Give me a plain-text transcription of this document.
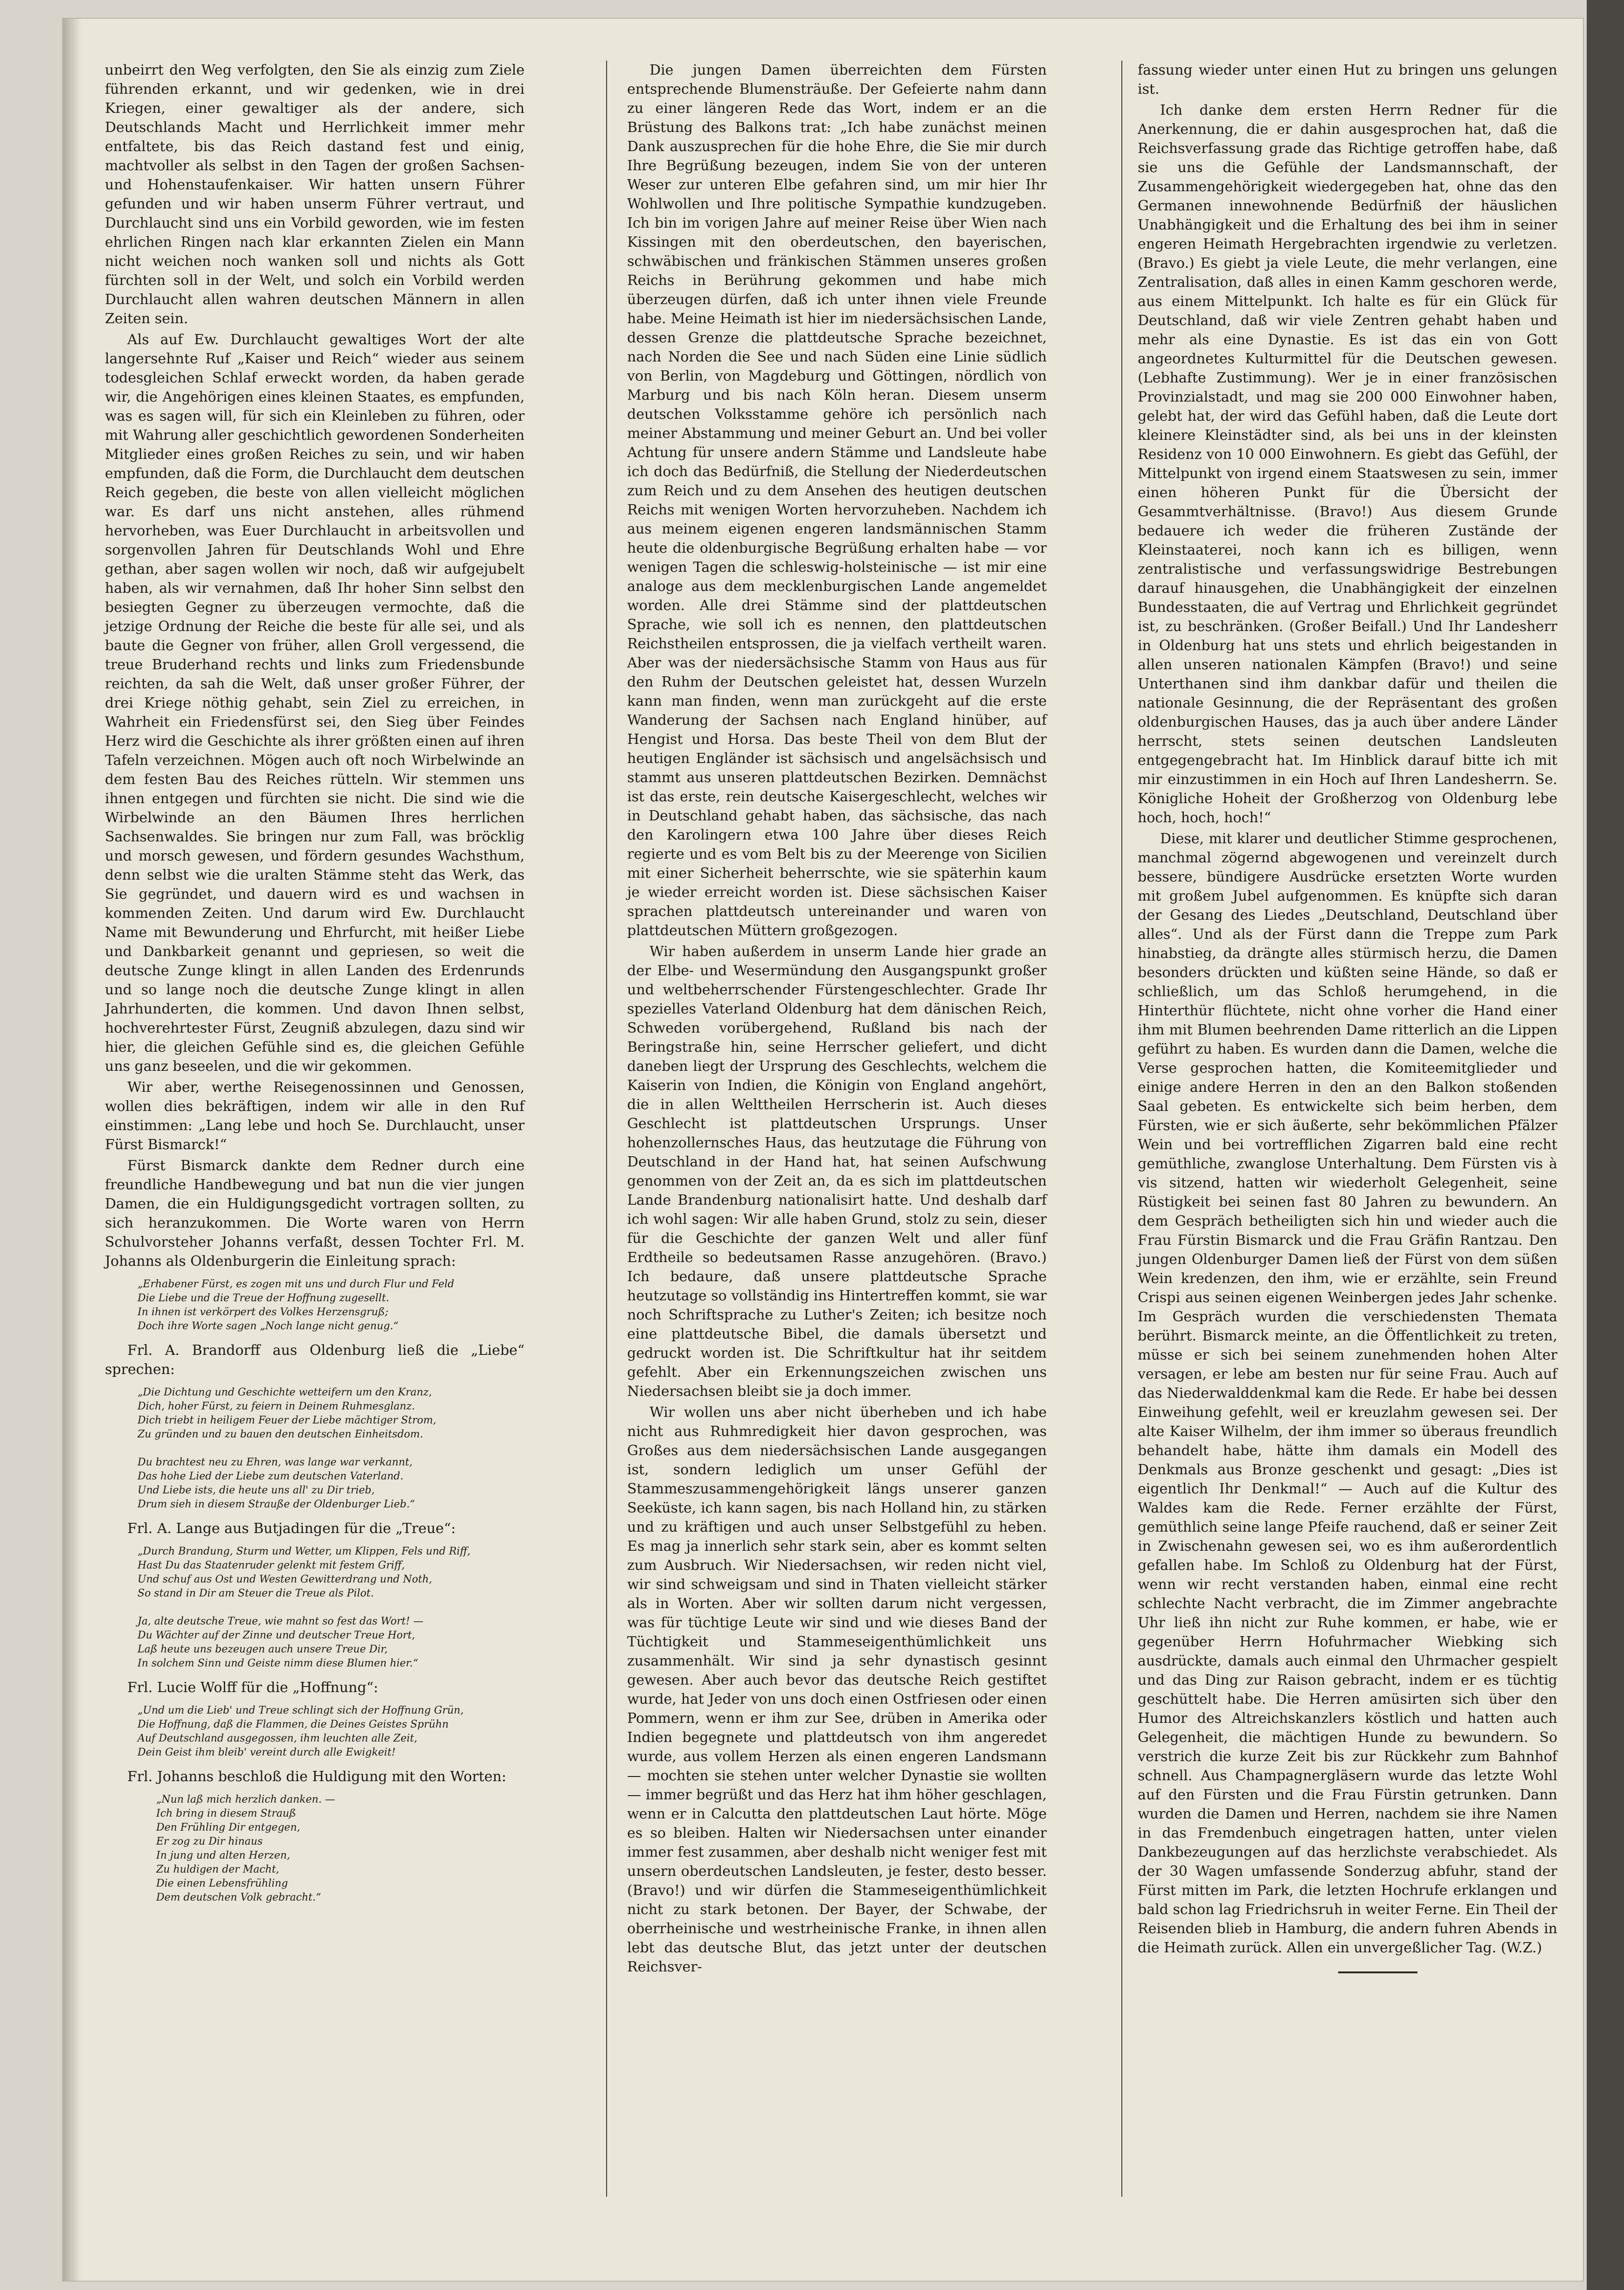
unbeirrt den Weg verfolgten, den Sie als einzig zum Ziele führenden erkannt, und wir gedenken, wie in drei Kriegen, einer gewaltiger als der andere, sich Deutschlands Macht und Herrlichkeit immer mehr entfaltete, bis das Reich dastand fest und einig, machtvoller als selbst in den Tagen der großen Sachsen- und Hohenstaufenkaiser. Wir hatten unsern Führer gefunden und wir haben unserm Führer vertraut, und Durchlaucht sind uns ein Vorbild geworden, wie im festen ehrlichen Ringen nach klar erkannten Zielen ein Mann nicht weichen noch wanken soll und nichts als Gott fürchten soll in der Welt, und solch ein Vorbild werden Durchlaucht allen wahren deutschen Männern in allen Zeiten sein.

Als auf Ew. Durchlaucht gewaltiges Wort der alte langersehnte Ruf „Kaiser und Reich“ wieder aus seinem todesgleichen Schlaf erweckt worden, da haben gerade wir, die Angehörigen eines kleinen Staates, es empfunden, was es sagen will, für sich ein Kleinleben zu führen, oder mit Wahrung aller geschichtlich gewordenen Sonderheiten Mitglieder eines großen Reiches zu sein, und wir haben empfunden, daß die Form, die Durchlaucht dem deutschen Reich gegeben, die beste von allen vielleicht möglichen war. Es darf uns nicht anstehen, alles rühmend hervorheben, was Euer Durchlaucht in arbeitsvollen und sorgenvollen Jahren für Deutschlands Wohl und Ehre gethan, aber sagen wollen wir noch, daß wir aufgejubelt haben, als wir vernahmen, daß Ihr hoher Sinn selbst den besiegten Gegner zu überzeugen vermochte, daß die jetzige Ordnung der Reiche die beste für alle sei, und als baute die Gegner von früher, allen Groll vergessend, die treue Bruderhand rechts und links zum Friedensbunde reichten, da sah die Welt, daß unser großer Führer, der drei Kriege nöthig gehabt, sein Ziel zu erreichen, in Wahrheit ein Friedensfürst sei, den Sieg über Feindes Herz wird die Geschichte als ihrer größten einen auf ihren Tafeln verzeichnen. Mögen auch oft noch Wirbelwinde an dem festen Bau des Reiches rütteln. Wir stemmen uns ihnen entgegen und fürchten sie nicht. Die sind wie die Wirbelwinde an den Bäumen Ihres herrlichen Sachsenwaldes. Sie bringen nur zum Fall, was bröcklig und morsch gewesen, und fördern gesundes Wachsthum, denn selbst wie die uralten Stämme steht das Werk, das Sie gegründet, und dauern wird es und wachsen in kommenden Zeiten. Und darum wird Ew. Durchlaucht Name mit Bewunderung und Ehrfurcht, mit heißer Liebe und Dankbarkeit genannt und gepriesen, so weit die deutsche Zunge klingt in allen Landen des Erdenrunds und so lange noch die deutsche Zunge klingt in allen Jahrhunderten, die kommen. Und davon Ihnen selbst, hochverehrtester Fürst, Zeugniß abzulegen, dazu sind wir hier, die gleichen Gefühle sind es, die gleichen Gefühle uns ganz beseelen, und die wir gekommen.

Wir aber, werthe Reisegenossinnen und Genossen, wollen dies bekräftigen, indem wir alle in den Ruf einstimmen: „Lang lebe und hoch Se. Durchlaucht, unser Fürst Bismarck!“

Fürst Bismarck dankte dem Redner durch eine freundliche Handbewegung und bat nun die vier jungen Damen, die ein Huldigungsgedicht vortragen sollten, zu sich heranzukommen. Die Worte waren von Herrn Schulvorsteher Johanns verfaßt, dessen Tochter Frl. M. Johanns als Oldenburgerin die Einleitung sprach:

„Erhabener Fürst, es zogen mit uns und durch Flur und Feld
Die Liebe und die Treue der Hoffnung zugesellt.
In ihnen ist verkörpert des Volkes Herzensgruß;
Doch ihre Worte sagen „Noch lange nicht genug.“

Frl. A. Brandorff aus Oldenburg ließ die „Liebe“ sprechen:

„Die Dichtung und Geschichte wetteifern um den Kranz,
Dich, hoher Fürst, zu feiern in Deinem Ruhmesglanz.
Dich triebt in heiligem Feuer der Liebe mächtiger Strom,
Zu gründen und zu bauen den deutschen Einheitsdom.

Du brachtest neu zu Ehren, was lange war verkannt,
Das hohe Lied der Liebe zum deutschen Vaterland.
Und Liebe ists, die heute uns all' zu Dir trieb,
Drum sieh in diesem Strauße der Oldenburger Lieb.“

Frl. A. Lange aus Butjadingen für die „Treue“:

„Durch Brandung, Sturm und Wetter, um Klippen, Fels und Riff,
Hast Du das Staatenruder gelenkt mit festem Griff,
Und schuf aus Ost und Westen Gewitterdrang und Noth,
So stand in Dir am Steuer die Treue als Pilot.

Ja, alte deutsche Treue, wie mahnt so fest das Wort! —
Du Wächter auf der Zinne und deutscher Treue Hort,
Laß heute uns bezeugen auch unsere Treue Dir,
In solchem Sinn und Geiste nimm diese Blumen hier.“

Frl. Lucie Wolff für die „Hoffnung“:

„Und um die Lieb' und Treue schlingt sich der Hoffnung Grün,
Die Hoffnung, daß die Flammen, die Deines Geistes Sprühn
Auf Deutschland ausgegossen, ihm leuchten alle Zeit,
Dein Geist ihm bleib' vereint durch alle Ewigkeit!

Frl. Johanns beschloß die Huldigung mit den Worten:

„Nun laß mich herzlich danken. —
Ich bring in diesem Strauß
Den Frühling Dir entgegen,
Er zog zu Dir hinaus
In jung und alten Herzen,
Zu huldigen der Macht,
Die einen Lebensfrühling
Dem deutschen Volk gebracht.“

Die jungen Damen überreichten dem Fürsten entsprechende Blumensträuße. Der Gefeierte nahm dann zu einer längeren Rede das Wort, indem er an die Brüstung des Balkons trat: „Ich habe zunächst meinen Dank auszusprechen für die hohe Ehre, die Sie mir durch Ihre Begrüßung bezeugen, indem Sie von der unteren Weser zur unteren Elbe gefahren sind, um mir hier Ihr Wohlwollen und Ihre politische Sympathie kundzugeben. Ich bin im vorigen Jahre auf meiner Reise über Wien nach Kissingen mit den oberdeutschen, den bayerischen, schwäbischen und fränkischen Stämmen unseres großen Reichs in Berührung gekommen und habe mich überzeugen dürfen, daß ich unter ihnen viele Freunde habe. Meine Heimath ist hier im niedersächsischen Lande, dessen Grenze die plattdeutsche Sprache bezeichnet, nach Norden die See und nach Süden eine Linie südlich von Berlin, von Magdeburg und Göttingen, nördlich von Marburg und bis nach Köln heran. Diesem unserm deutschen Volksstamme gehöre ich persönlich nach meiner Abstammung und meiner Geburt an. Und bei voller Achtung für unsere andern Stämme und Landsleute habe ich doch das Bedürfniß, die Stellung der Niederdeutschen zum Reich und zu dem Ansehen des heutigen deutschen Reichs mit wenigen Worten hervorzuheben. Nachdem ich aus meinem eigenen engeren landsmännischen Stamm heute die oldenburgische Begrüßung erhalten habe — vor wenigen Tagen die schleswig-holsteinische — ist mir eine analoge aus dem mecklenburgischen Lande angemeldet worden. Alle drei Stämme sind der plattdeutschen Sprache, wie soll ich es nennen, den plattdeutschen Reichstheilen entsprossen, die ja vielfach vertheilt waren. Aber was der niedersächsische Stamm von Haus aus für den Ruhm der Deutschen geleistet hat, dessen Wurzeln kann man finden, wenn man zurückgeht auf die erste Wanderung der Sachsen nach England hinüber, auf Hengist und Horsa. Das beste Theil von dem Blut der heutigen Engländer ist sächsisch und angelsächsisch und stammt aus unseren plattdeutschen Bezirken. Demnächst ist das erste, rein deutsche Kaisergeschlecht, welches wir in Deutschland gehabt haben, das sächsische, das nach den Karolingern etwa 100 Jahre über dieses Reich regierte und es vom Belt bis zu der Meerenge von Sicilien mit einer Sicherheit beherrschte, wie sie späterhin kaum je wieder erreicht worden ist. Diese sächsischen Kaiser sprachen plattdeutsch untereinander und waren von plattdeutschen Müttern großgezogen.

Wir haben außerdem in unserm Lande hier grade an der Elbe- und Wesermündung den Ausgangspunkt großer und weltbeherrschender Fürstengeschlechter. Grade Ihr spezielles Vaterland Oldenburg hat dem dänischen Reich, Schweden vorübergehend, Rußland bis nach der Beringstraße hin, seine Herrscher geliefert, und dicht daneben liegt der Ursprung des Geschlechts, welchem die Kaiserin von Indien, die Königin von England angehört, die in allen Welttheilen Herrscherin ist. Auch dieses Geschlecht ist plattdeutschen Ursprungs. Unser hohenzollernsches Haus, das heutzutage die Führung von Deutschland in der Hand hat, hat seinen Aufschwung genommen von der Zeit an, da es sich im plattdeutschen Lande Brandenburg nationalisirt hatte. Und deshalb darf ich wohl sagen: Wir alle haben Grund, stolz zu sein, dieser für die Geschichte der ganzen Welt und aller fünf Erdtheile so bedeutsamen Rasse anzugehören. (Bravo.) Ich bedaure, daß unsere plattdeutsche Sprache heutzutage so vollständig ins Hintertreffen kommt, sie war noch Schriftsprache zu Luther's Zeiten; ich besitze noch eine plattdeutsche Bibel, die damals übersetzt und gedruckt worden ist. Die Schriftkultur hat ihr seitdem gefehlt. Aber ein Erkennungszeichen zwischen uns Niedersachsen bleibt sie ja doch immer.

Wir wollen uns aber nicht überheben und ich habe nicht aus Ruhmredigkeit hier davon gesprochen, was Großes aus dem niedersächsischen Lande ausgegangen ist, sondern lediglich um unser Gefühl der Stammeszusammengehörigkeit längs unserer ganzen Seeküste, ich kann sagen, bis nach Holland hin, zu stärken und zu kräftigen und auch unser Selbstgefühl zu heben. Es mag ja innerlich sehr stark sein, aber es kommt selten zum Ausbruch. Wir Niedersachsen, wir reden nicht viel, wir sind schweigsam und sind in Thaten vielleicht stärker als in Worten. Aber wir sollten darum nicht vergessen, was für tüchtige Leute wir sind und wie dieses Band der Tüchtigkeit und Stammeseigenthümlichkeit uns zusammenhält. Wir sind ja sehr dynastisch gesinnt gewesen. Aber auch bevor das deutsche Reich gestiftet wurde, hat Jeder von uns doch einen Ostfriesen oder einen Pommern, wenn er ihm zur See, drüben in Amerika oder Indien begegnete und plattdeutsch von ihm angeredet wurde, aus vollem Herzen als einen engeren Landsmann — mochten sie stehen unter welcher Dynastie sie wollten — immer begrüßt und das Herz hat ihm höher geschlagen, wenn er in Calcutta den plattdeutschen Laut hörte. Möge es so bleiben. Halten wir Niedersachsen unter einander immer fest zusammen, aber deshalb nicht weniger fest mit unsern oberdeutschen Landsleuten, je fester, desto besser. (Bravo!) und wir dürfen die Stammeseigenthümlichkeit nicht zu stark betonen. Der Bayer, der Schwabe, der oberrheinische und westrheinische Franke, in ihnen allen lebt das deutsche Blut, das jetzt unter der deutschen Reichsver-

fassung wieder unter einen Hut zu bringen uns gelungen ist.

Ich danke dem ersten Herrn Redner für die Anerkennung, die er dahin ausgesprochen hat, daß die Reichsverfassung grade das Richtige getroffen habe, daß sie uns die Gefühle der Landsmannschaft, der Zusammengehörigkeit wiedergegeben hat, ohne das den Germanen innewohnende Bedürfniß der häuslichen Unabhängigkeit und die Erhaltung des bei ihm in seiner engeren Heimath Hergebrachten irgendwie zu verletzen. (Bravo.) Es giebt ja viele Leute, die mehr verlangen, eine Zentralisation, daß alles in einen Kamm geschoren werde, aus einem Mittelpunkt. Ich halte es für ein Glück für Deutschland, daß wir viele Zentren gehabt haben und mehr als eine Dynastie. Es ist das ein von Gott angeordnetes Kulturmittel für die Deutschen gewesen. (Lebhafte Zustimmung). Wer je in einer französischen Provinzialstadt, und mag sie 200 000 Einwohner haben, gelebt hat, der wird das Gefühl haben, daß die Leute dort kleinere Kleinstädter sind, als bei uns in der kleinsten Residenz von 10 000 Einwohnern. Es giebt das Gefühl, der Mittelpunkt von irgend einem Staatswesen zu sein, immer einen höheren Punkt für die Übersicht der Gesammtverhältnisse. (Bravo!) Aus diesem Grunde bedauere ich weder die früheren Zustände der Kleinstaaterei, noch kann ich es billigen, wenn zentralistische und verfassungswidrige Bestrebungen darauf hinausgehen, die Unabhängigkeit der einzelnen Bundesstaaten, die auf Vertrag und Ehrlichkeit gegründet ist, zu beschränken. (Großer Beifall.) Und Ihr Landesherr in Oldenburg hat uns stets und ehrlich beigestanden in allen unseren nationalen Kämpfen (Bravo!) und seine Unterthanen sind ihm dankbar dafür und theilen die nationale Gesinnung, die der Repräsentant des großen oldenburgischen Hauses, das ja auch über andere Länder herrscht, stets seinen deutschen Landsleuten entgegengebracht hat. Im Hinblick darauf bitte ich mit mir einzustimmen in ein Hoch auf Ihren Landesherrn. Se. Königliche Hoheit der Großherzog von Oldenburg lebe hoch, hoch, hoch!“

Diese, mit klarer und deutlicher Stimme gesprochenen, manchmal zögernd abgewogenen und vereinzelt durch bessere, bündigere Ausdrücke ersetzten Worte wurden mit großem Jubel aufgenommen. Es knüpfte sich daran der Gesang des Liedes „Deutschland, Deutschland über alles“. Und als der Fürst dann die Treppe zum Park hinabstieg, da drängte alles stürmisch herzu, die Damen besonders drückten und küßten seine Hände, so daß er schließlich, um das Schloß herumgehend, in die Hinterthür flüchtete, nicht ohne vorher die Hand einer ihm mit Blumen beehrenden Dame ritterlich an die Lippen geführt zu haben. Es wurden dann die Damen, welche die Verse gesprochen hatten, die Komiteemitglieder und einige andere Herren in den an den Balkon stoßenden Saal gebeten. Es entwickelte sich beim herben, dem Fürsten, wie er sich äußerte, sehr bekömmlichen Pfälzer Wein und bei vortrefflichen Zigarren bald eine recht gemüthliche, zwanglose Unterhaltung. Dem Fürsten vis à vis sitzend, hatten wir wiederholt Gelegenheit, seine Rüstigkeit bei seinen fast 80 Jahren zu bewundern. An dem Gespräch betheiligten sich hin und wieder auch die Frau Fürstin Bismarck und die Frau Gräfin Rantzau. Den jungen Oldenburger Damen ließ der Fürst von dem süßen Wein kredenzen, den ihm, wie er erzählte, sein Freund Crispi aus seinen eigenen Weinbergen jedes Jahr schenke. Im Gespräch wurden die verschiedensten Themata berührt. Bismarck meinte, an die Öffentlichkeit zu treten, müsse er sich bei seinem zunehmenden hohen Alter versagen, er lebe am besten nur für seine Frau. Auch auf das Niederwalddenkmal kam die Rede. Er habe bei dessen Einweihung gefehlt, weil er kreuzlahm gewesen sei. Der alte Kaiser Wilhelm, der ihm immer so überaus freundlich behandelt habe, hätte ihm damals ein Modell des Denkmals aus Bronze geschenkt und gesagt: „Dies ist eigentlich Ihr Denkmal!“ — Auch auf die Kultur des Waldes kam die Rede. Ferner erzählte der Fürst, gemüthlich seine lange Pfeife rauchend, daß er seiner Zeit in Zwischenahn gewesen sei, wo es ihm außerordentlich gefallen habe. Im Schloß zu Oldenburg hat der Fürst, wenn wir recht verstanden haben, einmal eine recht schlechte Nacht verbracht, die im Zimmer angebrachte Uhr ließ ihn nicht zur Ruhe kommen, er habe, wie er gegenüber Herrn Hofuhrmacher Wiebking sich ausdrückte, damals auch einmal den Uhrmacher gespielt und das Ding zur Raison gebracht, indem er es tüchtig geschüttelt habe. Die Herren amüsirten sich über den Humor des Altreichskanzlers köstlich und hatten auch Gelegenheit, die mächtigen Hunde zu bewundern. So verstrich die kurze Zeit bis zur Rückkehr zum Bahnhof schnell. Aus Champagnergläsern wurde das letzte Wohl auf den Fürsten und die Frau Fürstin getrunken. Dann wurden die Damen und Herren, nachdem sie ihre Namen in das Fremdenbuch eingetragen hatten, unter vielen Dankbezeugungen auf das herzlichste verabschiedet. Als der 30 Wagen umfassende Sonderzug abfuhr, stand der Fürst mitten im Park, die letzten Hochrufe erklangen und bald schon lag Friedrichsruh in weiter Ferne. Ein Theil der Reisenden blieb in Hamburg, die andern fuhren Abends in die Heimath zurück. Allen ein unvergeßlicher Tag. (W.Z.)
